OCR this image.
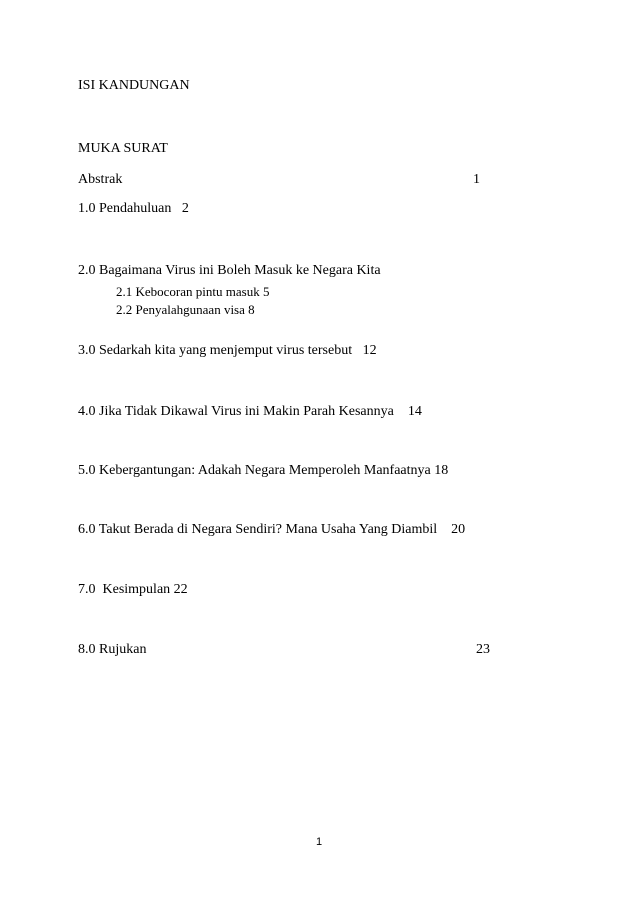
ISI KANDUNGAN
MUKA SURAT
Abstrak	1
1.0 Pendahuluan   2
2.0 Bagaimana Virus ini Boleh Masuk ke Negara Kita
2.1 Kebocoran pintu masuk 5
2.2 Penyalahgunaan visa 8
3.0 Sedarkah kita yang menjemput virus tersebut   12
4.0 Jika Tidak Dikawal Virus ini Makin Parah Kesannya    14
5.0 Kebergantungan: Adakah Negara Memperoleh Manfaatnya 18
6.0 Takut Berada di Negara Sendiri? Mana Usaha Yang Diambil    20
7.0  Kesimpulan 22
8.0 Rujukan	23
1
